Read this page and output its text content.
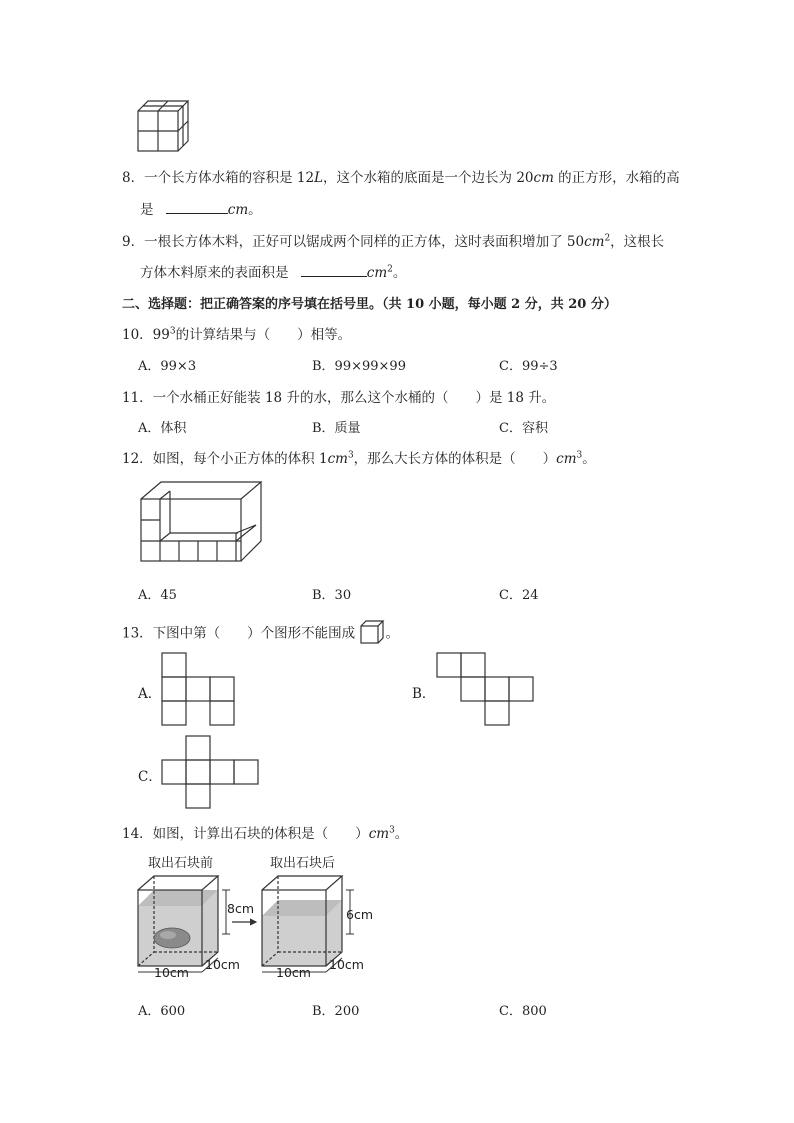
8．一个长方体水箱的容积是 12L，这个水箱的底面是一个边长为 20cm 的正方形，水箱的高
是	cm。
9．一根长方体木料，正好可以锯成两个同样的正方体，这时表面积增加了 $50cm^2$，这根长
方体木料原来的表面积是	$cm^2$。
二、选择题：把正确答案的序号填在括号里。（共 10 小题，每小题 2 分，共 20 分）
10．$99^3$的计算结果与（　　）相等。
A．99×3	B．99×99×99	C．99÷3
11．一个水桶正好能装 18 升的水，那么这个水桶的（　　）是 18 升。
A．体积	B．质量	C．容积
12．如图，每个小正方体的体积 $1cm^3$，那么大长方体的体积是（　　）$cm^3$。
A．45	B．30	C．24
13．下图中第（　　）个图形不能围成 。
A．	B．
C．
14．如图，计算出石块的体积是（　　）$cm^3$。
取出石块前	取出石块后
8cm	6cm
10cm
10cm
10cm
10cm
A．600	B．200	C．800
